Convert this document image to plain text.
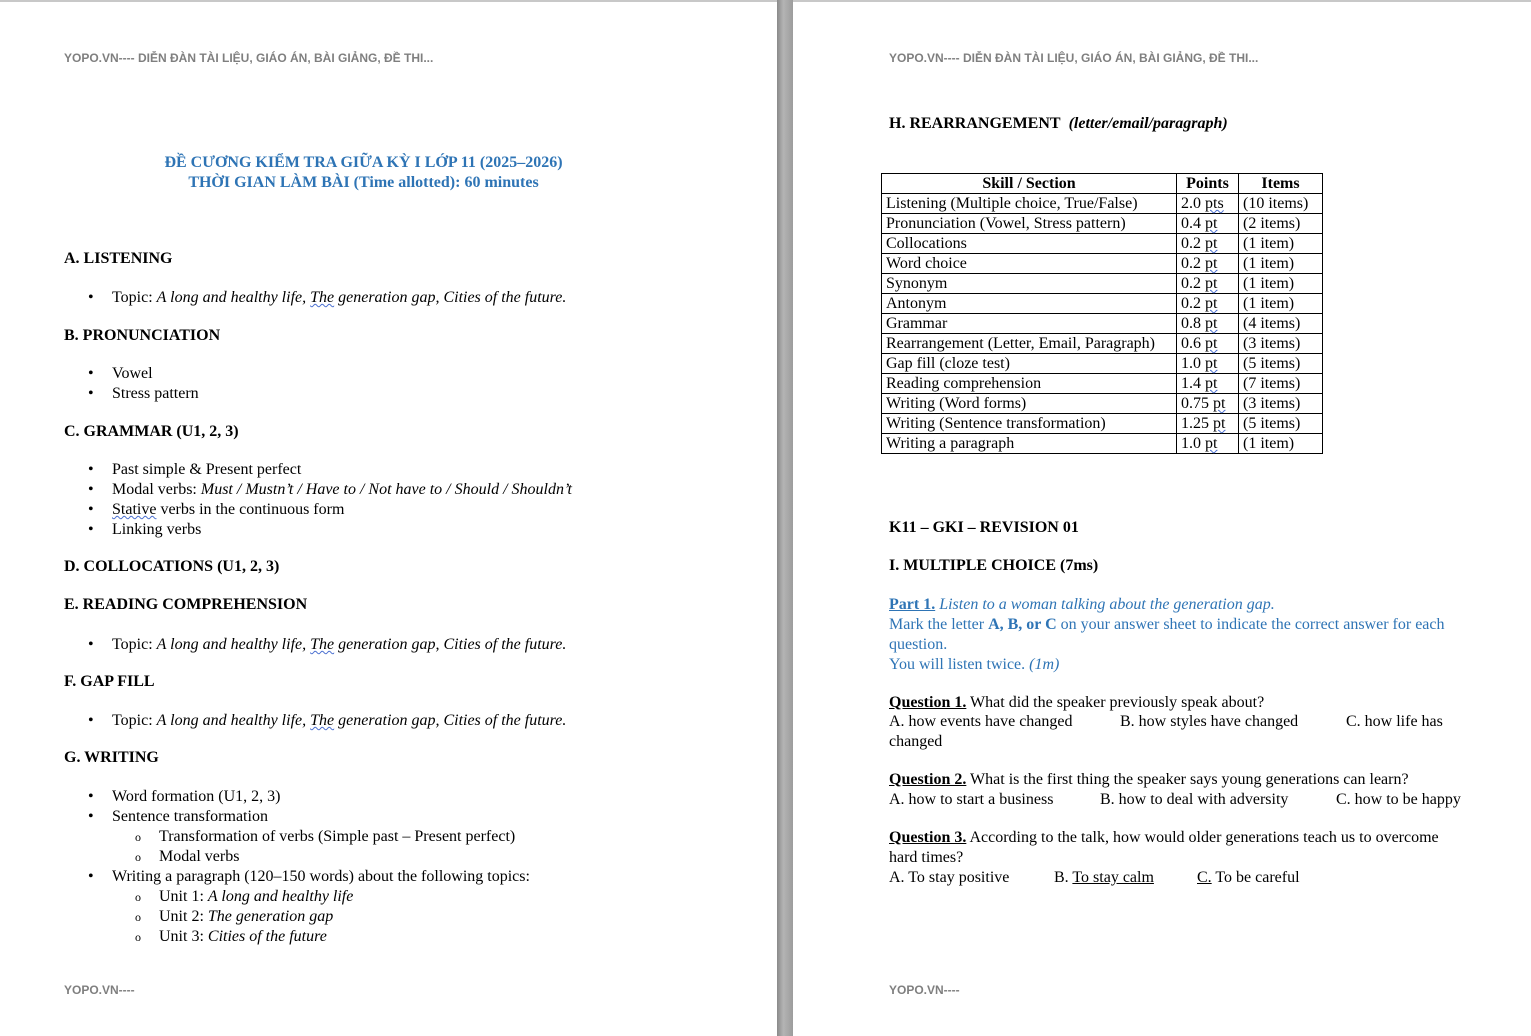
YOPO.VN---- DIỄN ĐÀN TÀI LIỆU, GIÁO ÁN, BÀI GIẢNG, ĐỀ THI...
ĐỀ CƯƠNG KIỂM TRA GIỮA KỲ I LỚP 11 (2025–2026)
THỜI GIAN LÀM BÀI (Time allotted): 60 minutes
A. LISTENING
• Topic: A long and healthy life, The generation gap, Cities of the future.
B. PRONUNCIATION
• Vowel
• Stress pattern
C. GRAMMAR (U1, 2, 3)
• Past simple & Present perfect
• Modal verbs: Must / Mustn’t / Have to / Not have to / Should / Shouldn’t
• Stative verbs in the continuous form
• Linking verbs
D. COLLOCATIONS (U1, 2, 3)
E. READING COMPREHENSION
• Topic: A long and healthy life, The generation gap, Cities of the future.
F. GAP FILL
• Topic: A long and healthy life, The generation gap, Cities of the future.
G. WRITING
• Word formation (U1, 2, 3)
• Sentence transformation
o Transformation of verbs (Simple past – Present perfect)
o Modal verbs
• Writing a paragraph (120–150 words) about the following topics:
o Unit 1: A long and healthy life
o Unit 2: The generation gap
o Unit 3: Cities of the future
YOPO.VN----
YOPO.VN---- DIỄN ĐÀN TÀI LIỆU, GIÁO ÁN, BÀI GIẢNG, ĐỀ THI...
H. REARRANGEMENT (letter/email/paragraph)
Skill / Section	Points	Items
Listening (Multiple choice, True/False)	2.0 pts	(10 items)
Pronunciation (Vowel, Stress pattern)	0.4 pt	(2 items)
Collocations	0.2 pt	(1 item)
Word choice	0.2 pt	(1 item)
Synonym	0.2 pt	(1 item)
Antonym	0.2 pt	(1 item)
Grammar	0.8 pt	(4 items)
Rearrangement (Letter, Email, Paragraph)	0.6 pt	(3 items)
Gap fill (cloze test)	1.0 pt	(5 items)
Reading comprehension	1.4 pt	(7 items)
Writing (Word forms)	0.75 pt	(3 items)
Writing (Sentence transformation)	1.25 pt	(5 items)
Writing a paragraph	1.0 pt	(1 item)
K11 – GKI – REVISION 01
I. MULTIPLE CHOICE (7ms)
Part 1. Listen to a woman talking about the generation gap.
Mark the letter A, B, or C on your answer sheet to indicate the correct answer for each
question.
You will listen twice. (1m)
Question 1. What did the speaker previously speak about?
A. how events have changed	B. how styles have changed	C. how life has
changed
Question 2. What is the first thing the speaker says young generations can learn?
A. how to start a business	B. how to deal with adversity	C. how to be happy
Question 3. According to the talk, how would older generations teach us to overcome
hard times?
A. To stay positive	B. To stay calm	C. To be careful
YOPO.VN----
